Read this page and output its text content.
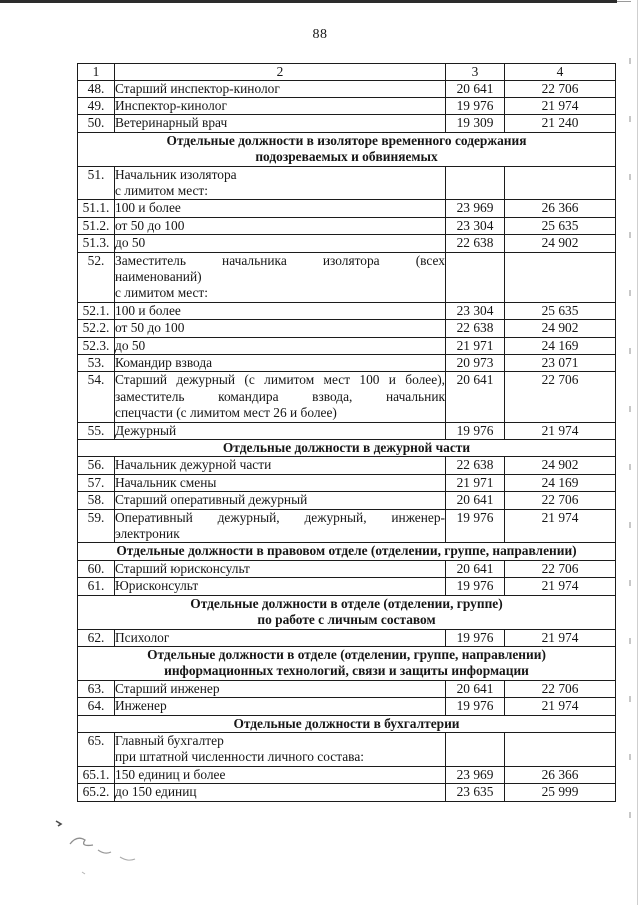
88
1	2	3	4
48.	Старший инспектор-кинолог	20 641	22 706
49.	Инспектор-кинолог	19 976	21 974
50.	Ветеринарный врач	19 309	21 240

Отдельные должности в изоляторе временного содержания
подозреваемых и обвиняемых			

51.	Начальник изолятора
с лимитом мест:		

51.1.	100 и более	23 969	26 366
51.2.	от 50 до 100	23 304	25 635
51.3.	до 50	22 638	24 902
52.	Заместитель начальника изолятора (всех
наименований)
с лимитом мест:		

52.1.	100 и более	23 304	25 635
52.2.	от 50 до 100	22 638	24 902
52.3.	до 50	21 971	24 169
53.	Командир взвода	20 973	23 071
54.	Старший дежурный (с лимитом мест 100 и более),
заместитель командира взвода, начальник
спецчасти (с лимитом мест 26 и более)	20 641	22 706
55.	Дежурный	19 976	21 974

Отдельные должности в дежурной части			

56.	Начальник дежурной части	22 638	24 902
57.	Начальник смены	21 971	24 169
58.	Старший оперативный дежурный	20 641	22 706
59.	Оперативный дежурный, дежурный, инженер-
электроник	19 976	21 974

Отдельные должности в правовом отделе (отделении, группе, направлении)			

60.	Старший юрисконсульт	20 641	22 706
61.	Юрисконсульт	19 976	21 974

Отдельные должности в отделе (отделении, группе)
по работе с личным составом			

62.	Психолог	19 976	21 974

Отдельные должности в отделе (отделении, группе, направлении)
информационных технологий, связи и защиты информации			

63.	Старший инженер	20 641	22 706
64.	Инженер	19 976	21 974

Отдельные должности в бухгалтерии			

65.	Главный бухгалтер
при штатной численности личного состава:		

65.1.	150 единиц и более	23 969	26 366
65.2.	до 150 единиц	23 635	25 999
